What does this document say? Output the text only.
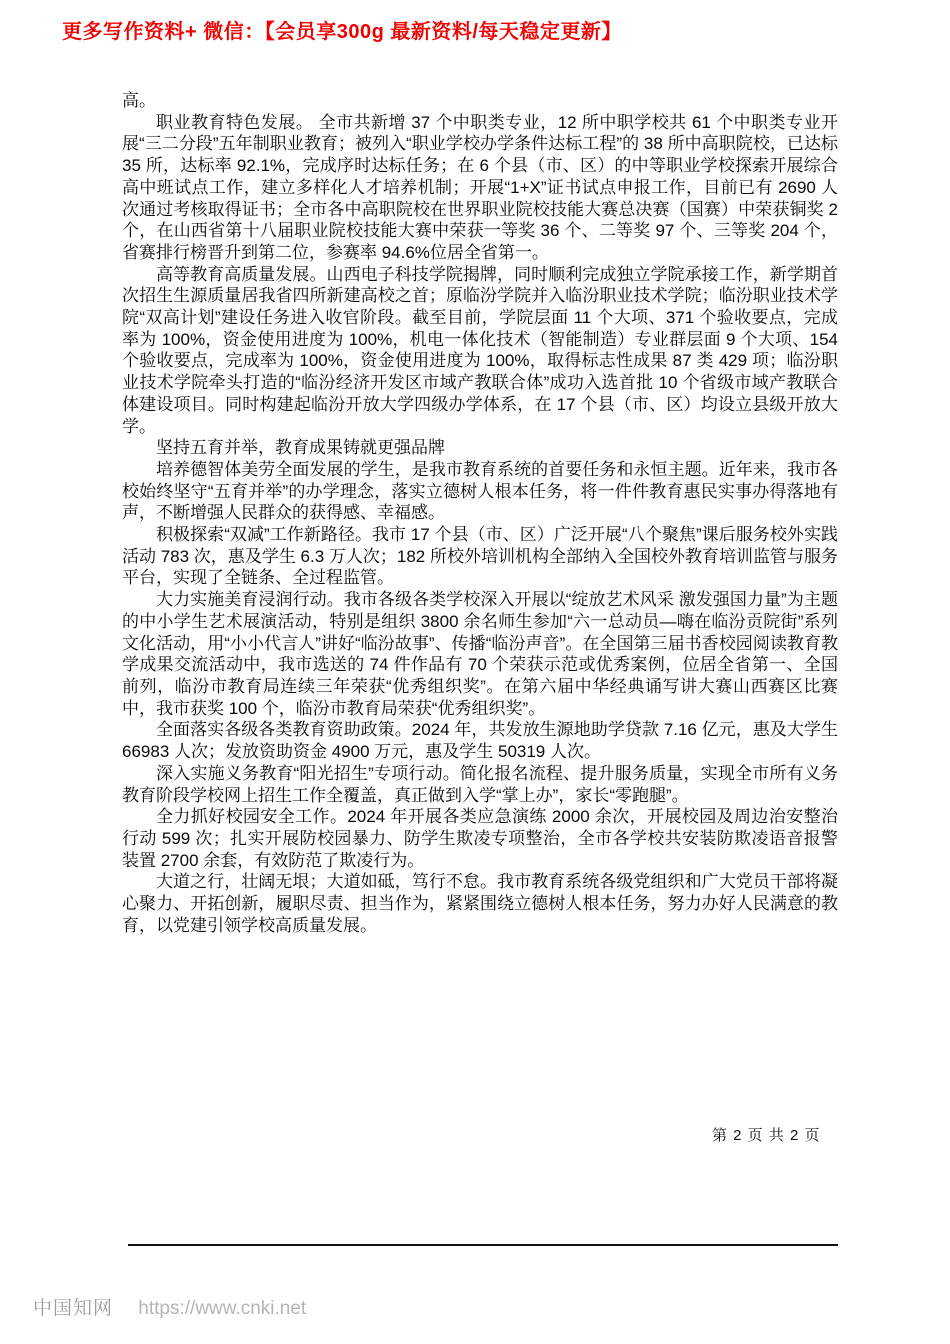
更多写作资料+ 微信：【会员享300g 最新资料/每天稳定更新】

高。

职业教育特色发展。 全市共新增 37 个中职类专业，12 所中职学校共 61 个中职类专业开展“三二分段”五年制职业教育；被列入“职业学校办学条件达标工程”的 38 所中高职院校，已达标 35 所，达标率 92.1%，完成序时达标任务；在 6 个县（市、区）的中等职业学校探索开展综合高中班试点工作，建立多样化人才培养机制；开展“1+X”证书试点申报工作，目前已有 2690 人次通过考核取得证书；全市各中高职院校在世界职业院校技能大赛总决赛（国赛）中荣获铜奖 2 个，在山西省第十八届职业院校技能大赛中荣获一等奖 36 个、二等奖 97 个、三等奖 204 个，省赛排行榜晋升到第二位，参赛率 94.6%位居全省第一。

高等教育高质量发展。山西电子科技学院揭牌，同时顺利完成独立学院承接工作，新学期首次招生生源质量居我省四所新建高校之首；原临汾学院并入临汾职业技术学院；临汾职业技术学院“双高计划”建设任务进入收官阶段。截至目前，学院层面 11 个大项、371 个验收要点，完成率为 100%，资金使用进度为 100%，机电一体化技术（智能制造）专业群层面 9 个大项、154 个验收要点，完成率为 100%，资金使用进度为 100%，取得标志性成果 87 类 429 项；临汾职业技术学院牵头打造的“临汾经济开发区市域产教联合体”成功入选首批 10 个省级市域产教联合体建设项目。同时构建起临汾开放大学四级办学体系，在 17 个县（市、区）均设立县级开放大学。

坚持五育并举，教育成果铸就更强品牌

培养德智体美劳全面发展的学生，是我市教育系统的首要任务和永恒主题。近年来，我市各校始终坚守“五育并举”的办学理念，落实立德树人根本任务，将一件件教育惠民实事办得落地有声，不断增强人民群众的获得感、幸福感。

积极探索“双减”工作新路径。我市 17 个县（市、区）广泛开展“八个聚焦”课后服务校外实践活动 783 次，惠及学生 6.3 万人次；182 所校外培训机构全部纳入全国校外教育培训监管与服务平台，实现了全链条、全过程监管。

大力实施美育浸润行动。我市各级各类学校深入开展以“绽放艺术风采 激发强国力量”为主题的中小学生艺术展演活动，特别是组织 3800 余名师生参加“六一总动员—嗨在临汾贡院街”系列文化活动，用“小小代言人”讲好“临汾故事”、传播“临汾声音”。在全国第三届书香校园阅读教育教学成果交流活动中，我市选送的 74 件作品有 70 个荣获示范或优秀案例，位居全省第一、全国前列，临汾市教育局连续三年荣获“优秀组织奖”。在第六届中华经典诵写讲大赛山西赛区比赛中，我市获奖 100 个，临汾市教育局荣获“优秀组织奖”。

全面落实各级各类教育资助政策。2024 年，共发放生源地助学贷款 7.16 亿元，惠及大学生 66983 人次；发放资助资金 4900 万元，惠及学生 50319 人次。

深入实施义务教育“阳光招生”专项行动。简化报名流程、提升服务质量，实现全市所有义务教育阶段学校网上招生工作全覆盖，真正做到入学“掌上办”，家长“零跑腿”。

全力抓好校园安全工作。2024 年开展各类应急演练 2000 余次，开展校园及周边治安整治行动 599 次；扎实开展防校园暴力、防学生欺凌专项整治，全市各学校共安装防欺凌语音报警装置 2700 余套，有效防范了欺凌行为。

大道之行，壮阔无垠；大道如砥，笃行不怠。我市教育系统各级党组织和广大党员干部将凝心聚力、开拓创新，履职尽责、担当作为，紧紧围绕立德树人根本任务，努力办好人民满意的教育，以党建引领学校高质量发展。

第 2 页 共 2 页
中国知网 https://www.cnki.net
